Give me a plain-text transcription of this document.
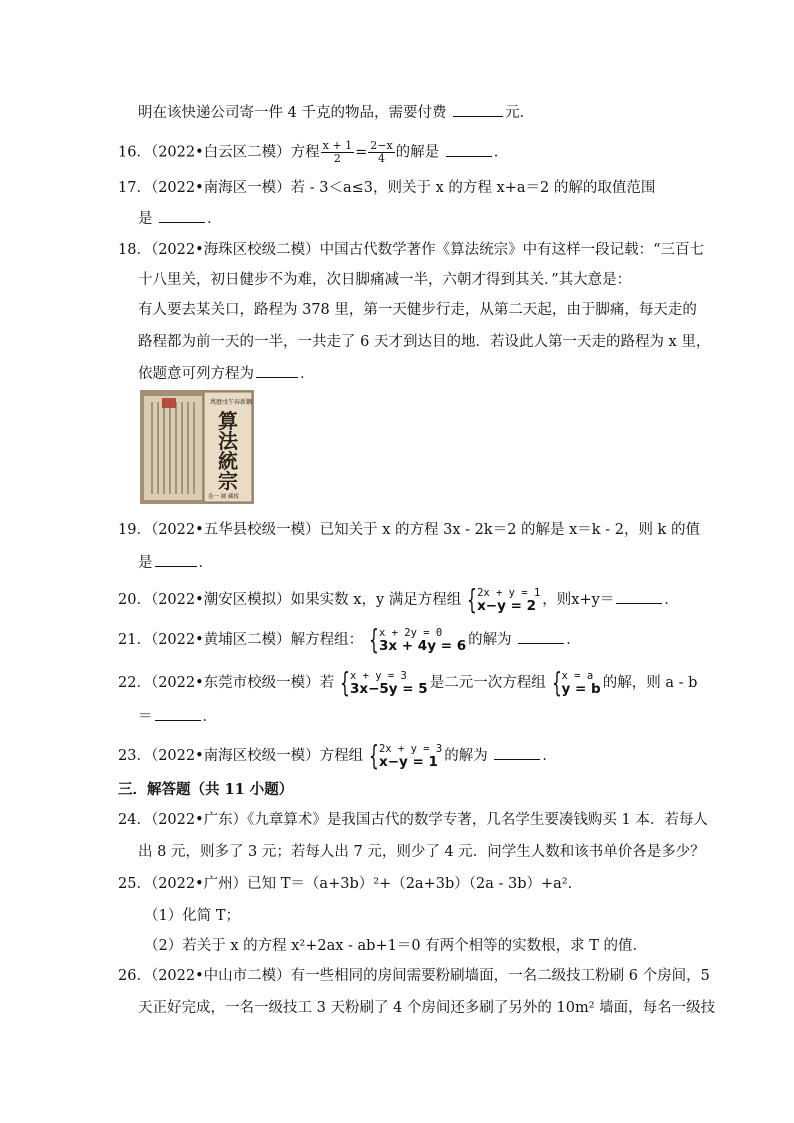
明在该快递公司寄一件 4 千克的物品，需要付费	元．
16．（2022•白云区二模）方程 $\frac{x + 1}{2} = \frac{2-x}{4}$ 的解是	．
17．（2022•南海区一模）若 - 3＜a≤3，则关于 x 的方程 x+a＝2 的解的取值范围
是	．
18．（2022•海珠区校级二模）中国古代数学著作《算法统宗》中有这样一段记载：“三百七
十八里关，初日健步不为难，次日脚痛减一半，六朝才得到其关．”其大意是：
有人要去某关口，路程为 378 里，第一天健步行走，从第二天起，由于脚痛，每天走的
路程都为前一天的一半，一共走了 6 天才到达目的地．若设此人第一天走的路程为 x 里，
依题意可列方程为	．
萬曆戊午春新鐫
算
法
統
宗
卷一 圖 藏板
19．（2022•五华县校级一模）已知关于 x 的方程 3x - 2k＝2 的解是 x＝k - 2，则 k 的值
是	．
20．（2022•潮安区模拟）如果实数 x，y 满足方程组 { 2x + y = 1
x−y = 2 ，则x+y＝	．
21．（2022•黄埔区二模）解方程组： { x + 2y = 0
3x + 4y = 6 的解为	．
22．（2022•东莞市校级一模）若 { x + y = 3
3x−5y = 5 是二元一次方程组 { x = a
y = b 的解，则 a - b
＝	．
23．（2022•南海区校级一模）方程组 { 2x + y = 3
x−y = 1 的解为	．
三．解答题（共 11 小题）
24．（2022•广东）《九章算术》是我国古代的数学专著，几名学生要凑钱购买 1 本．若每人
出 8 元，则多了 3 元；若每人出 7 元，则少了 4 元．问学生人数和该书单价各是多少？
25．（2022•广州）已知 T＝（a+3b）²+（2a+3b）（2a - 3b）+a²．
（1）化简 T；
（2）若关于 x 的方程 x²+2ax - ab+1＝0 有两个相等的实数根，求 T 的值．
26．（2022•中山市二模）有一些相同的房间需要粉刷墙面，一名二级技工粉刷 6 个房间，5
天正好完成，一名一级技工 3 天粉刷了 4 个房间还多刷了另外的 10m² 墙面，每名一级技
